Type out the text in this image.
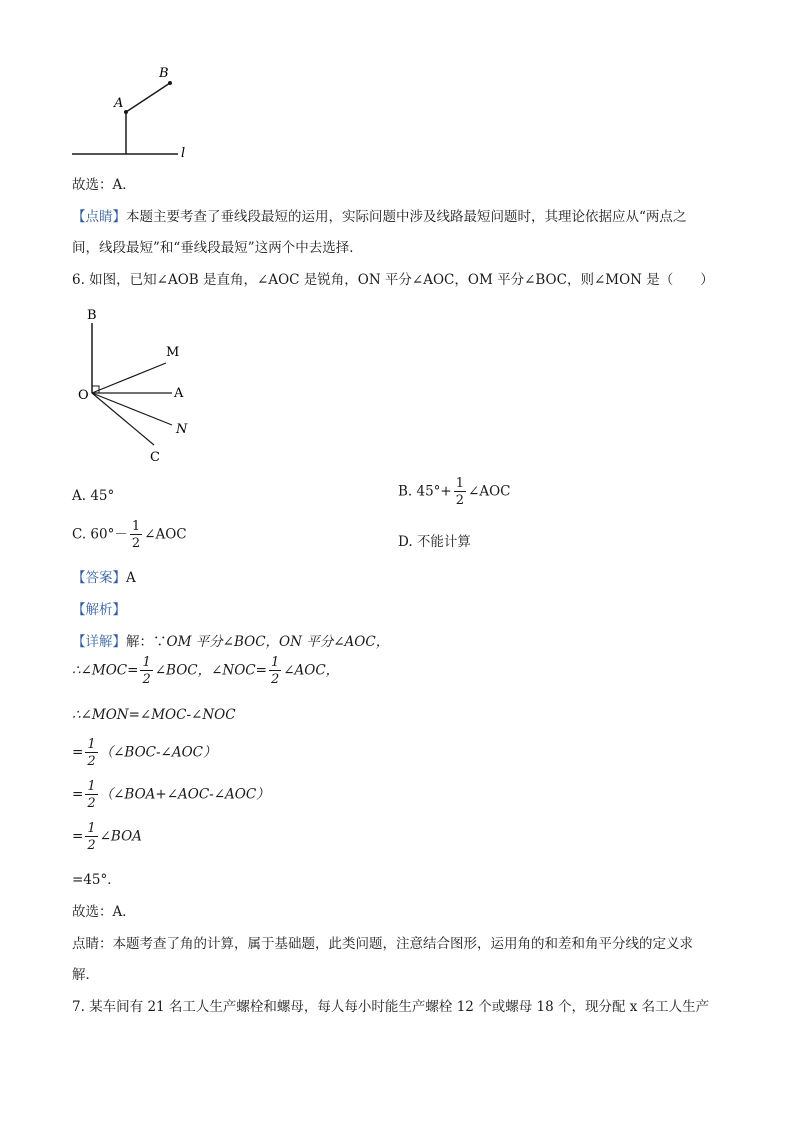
A
B
l
故选：A．
【点睛】本题主要考查了垂线段最短的运用，实际问题中涉及线路最短问题时，其理论依据应从“两点之
间，线段最短”和“垂线段最短”这两个中去选择．
6. 如图，已知∠AOB 是直角，∠AOC 是锐角，ON 平分∠AOC，OM 平分∠BOC，则∠MON 是（　　）
B
M
O	A
N
C
A. 45°	B. $45^\circ+ \frac{1}{2}$ ∠AOC
C. $60^\circ- \frac{1}{2}$ ∠AOC	D. 不能计算
【答案】A
【解析】
【详解】解：∵OM 平分∠BOC，ON 平分∠AOC，
∴∠MOC= $\frac{1}{2}$ ∠BOC，∠NOC= $\frac{1}{2}$ ∠AOC，
∴∠MON=∠MOC-∠NOC
= $\frac{1}{2}$ （∠BOC-∠AOC）
= $\frac{1}{2}$ （∠BOA+∠AOC-∠AOC）
= $\frac{1}{2}$ ∠BOA
=45°．
故选：A．
点睛：本题考查了角的计算，属于基础题，此类问题，注意结合图形，运用角的和差和角平分线的定义求
解．
7. 某车间有 21 名工人生产螺栓和螺母，每人每小时能生产螺栓 12 个或螺母 18 个，现分配 x 名工人生产
